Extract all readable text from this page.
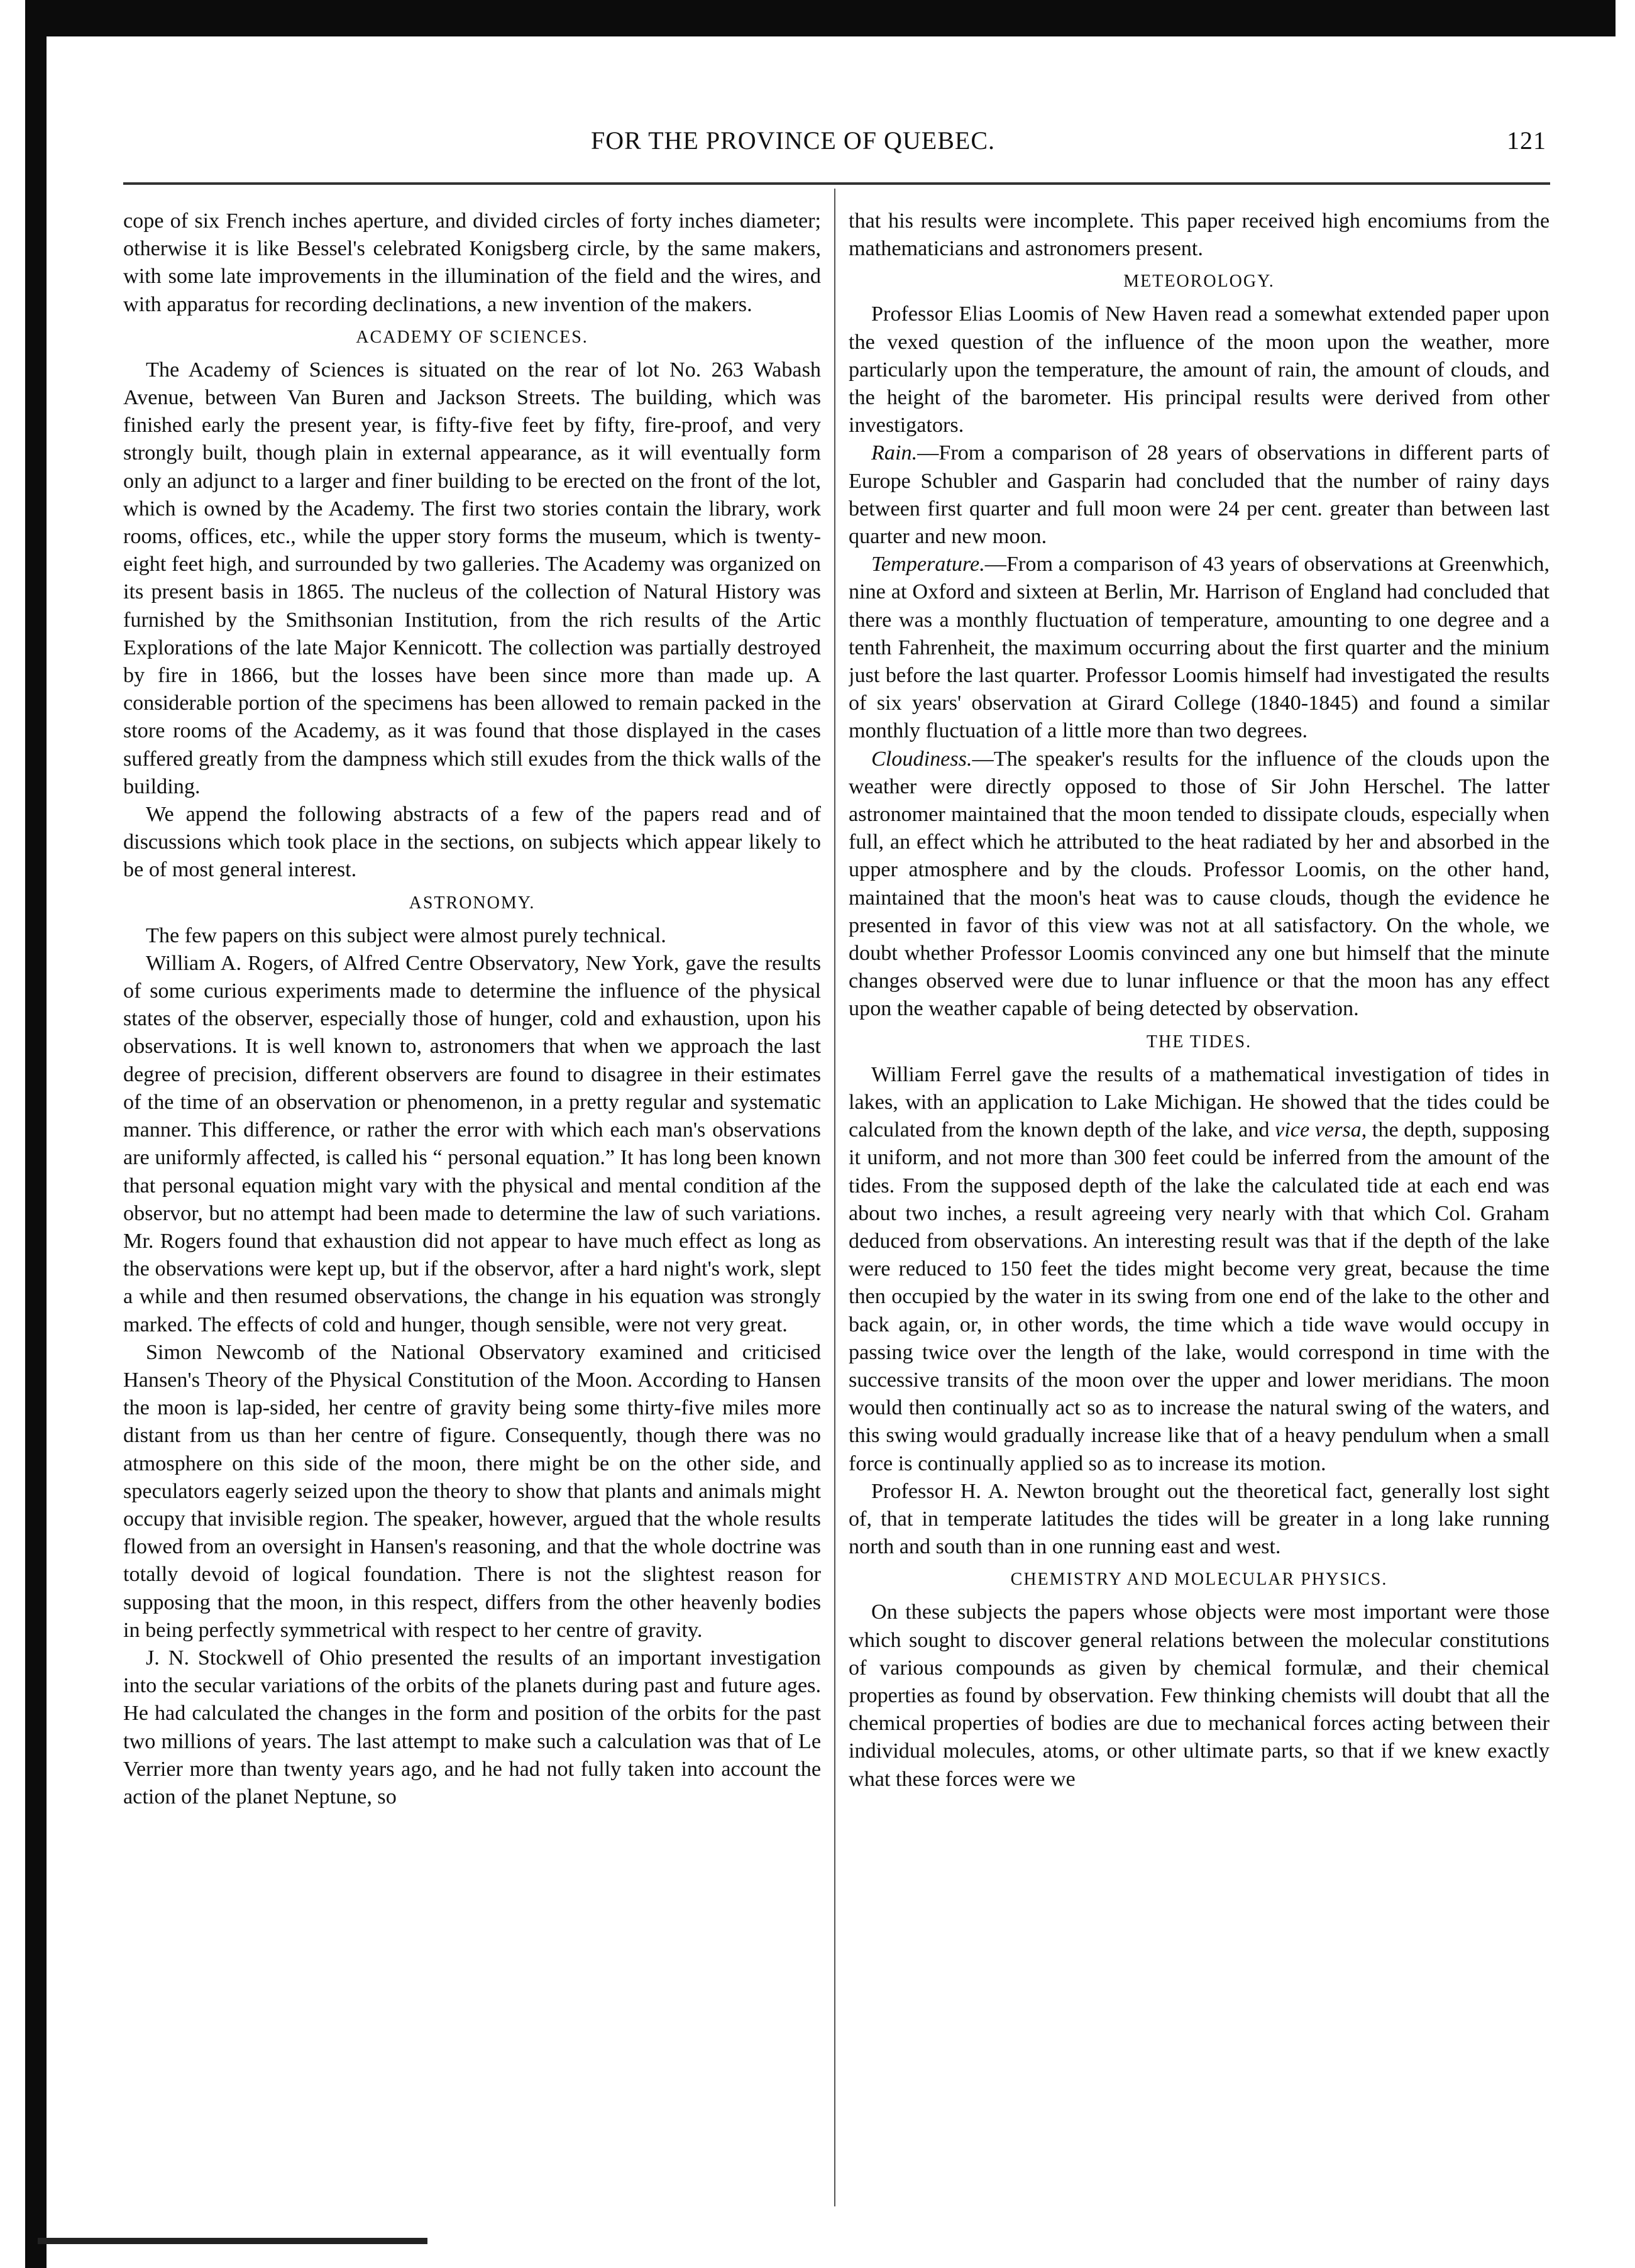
FOR THE PROVINCE OF QUEBEC.	121

cope of six French inches aperture, and divided circles of forty inches diameter; otherwise it is like Bessel's celebrated Konigsberg circle, by the same makers, with some late improvements in the illumination of the field and the wires, and with apparatus for recording declinations, a new invention of the makers.

ACADEMY OF SCIENCES.

The Academy of Sciences is situated on the rear of lot No. 263 Wabash Avenue, between Van Buren and Jackson Streets. The building, which was finished early the present year, is fifty-five feet by fifty, fire-proof, and very strongly built, though plain in external appearance, as it will eventually form only an adjunct to a larger and finer building to be erected on the front of the lot, which is owned by the Academy. The first two stories contain the library, work rooms, offices, etc., while the upper story forms the museum, which is twenty-eight feet high, and surrounded by two galleries. The Academy was organized on its present basis in 1865. The nucleus of the collection of Natural History was furnished by the Smithsonian Institution, from the rich results of the Artic Explorations of the late Major Kennicott. The collection was partially destroyed by fire in 1866, but the losses have been since more than made up. A considerable portion of the specimens has been allowed to remain packed in the store rooms of the Academy, as it was found that those displayed in the cases suffered greatly from the dampness which still exudes from the thick walls of the building.

We append the following abstracts of a few of the papers read and of discussions which took place in the sections, on subjects which appear likely to be of most general interest.

ASTRONOMY.

The few papers on this subject were almost purely technical.

William A. Rogers, of Alfred Centre Observatory, New York, gave the results of some curious experiments made to determine the influence of the physical states of the observer, especially those of hunger, cold and exhaustion, upon his observations. It is well known to, astronomers that when we approach the last degree of precision, different observers are found to disagree in their estimates of the time of an observation or phenomenon, in a pretty regular and systematic manner. This difference, or rather the error with which each man's observations are uniformly affected, is called his “ personal equation.” It has long been known that personal equation might vary with the physical and mental condition af the observor, but no attempt had been made to determine the law of such variations. Mr. Rogers found that exhaustion did not appear to have much effect as long as the observations were kept up, but if the observor, after a hard night's work, slept a while and then resumed observations, the change in his equation was strongly marked. The effects of cold and hunger, though sensible, were not very great.

Simon Newcomb of the National Observatory examined and criticised Hansen's Theory of the Physical Constitution of the Moon. According to Hansen the moon is lap-sided, her centre of gravity being some thirty-five miles more distant from us than her centre of figure. Consequently, though there was no atmosphere on this side of the moon, there might be on the other side, and speculators eagerly seized upon the theory to show that plants and animals might occupy that invisible region. The speaker, however, argued that the whole results flowed from an oversight in Hansen's reasoning, and that the whole doctrine was totally devoid of logical foundation. There is not the slightest reason for supposing that the moon, in this respect, differs from the other heavenly bodies in being perfectly symmetrical with respect to her centre of gravity.

J. N. Stockwell of Ohio presented the results of an important investigation into the secular variations of the orbits of the planets during past and future ages. He had calculated the changes in the form and position of the orbits for the past two millions of years. The last attempt to make such a calculation was that of Le Verrier more than twenty years ago, and he had not fully taken into account the action of the planet Neptune, so

that his results were incomplete. This paper received high encomiums from the mathematicians and astronomers present.

METEOROLOGY.

Professor Elias Loomis of New Haven read a somewhat extended paper upon the vexed question of the influence of the moon upon the weather, more particularly upon the temperature, the amount of rain, the amount of clouds, and the height of the barometer. His principal results were derived from other investigators.

Rain.—From a comparison of 28 years of observations in different parts of Europe Schubler and Gasparin had concluded that the number of rainy days between first quarter and full moon were 24 per cent. greater than between last quarter and new moon.

Temperature.—From a comparison of 43 years of observations at Greenwhich, nine at Oxford and sixteen at Berlin, Mr. Harrison of England had concluded that there was a monthly fluctuation of temperature, amounting to one degree and a tenth Fahrenheit, the maximum occurring about the first quarter and the minium just before the last quarter. Professor Loomis himself had investigated the results of six years' observation at Girard College (1840-1845) and found a similar monthly fluctuation of a little more than two degrees.

Cloudiness.—The speaker's results for the influence of the clouds upon the weather were directly opposed to those of Sir John Herschel. The latter astronomer maintained that the moon tended to dissipate clouds, especially when full, an effect which he attributed to the heat radiated by her and absorbed in the upper atmosphere and by the clouds. Professor Loomis, on the other hand, maintained that the moon's heat was to cause clouds, though the evidence he presented in favor of this view was not at all satisfactory. On the whole, we doubt whether Professor Loomis convinced any one but himself that the minute changes observed were due to lunar influence or that the moon has any effect upon the weather capable of being detected by observation.

THE TIDES.

William Ferrel gave the results of a mathematical investigation of tides in lakes, with an application to Lake Michigan. He showed that the tides could be calculated from the known depth of the lake, and vice versa, the depth, supposing it uniform, and not more than 300 feet could be inferred from the amount of the tides. From the supposed depth of the lake the calculated tide at each end was about two inches, a result agreeing very nearly with that which Col. Graham deduced from observations. An interesting result was that if the depth of the lake were reduced to 150 feet the tides might become very great, because the time then occupied by the water in its swing from one end of the lake to the other and back again, or, in other words, the time which a tide wave would occupy in passing twice over the length of the lake, would correspond in time with the successive transits of the moon over the upper and lower meridians. The moon would then continually act so as to increase the natural swing of the waters, and this swing would gradually increase like that of a heavy pendulum when a small force is continually applied so as to increase its motion.

Professor H. A. Newton brought out the theoretical fact, generally lost sight of, that in temperate latitudes the tides will be greater in a long lake running north and south than in one running east and west.

CHEMISTRY AND MOLECULAR PHYSICS.

On these subjects the papers whose objects were most important were those which sought to discover general relations between the molecular constitutions of various compounds as given by chemical formulæ, and their chemical properties as found by observation. Few thinking chemists will doubt that all the chemical properties of bodies are due to mechanical forces acting between their individual molecules, atoms, or other ultimate parts, so that if we knew exactly what these forces were we
